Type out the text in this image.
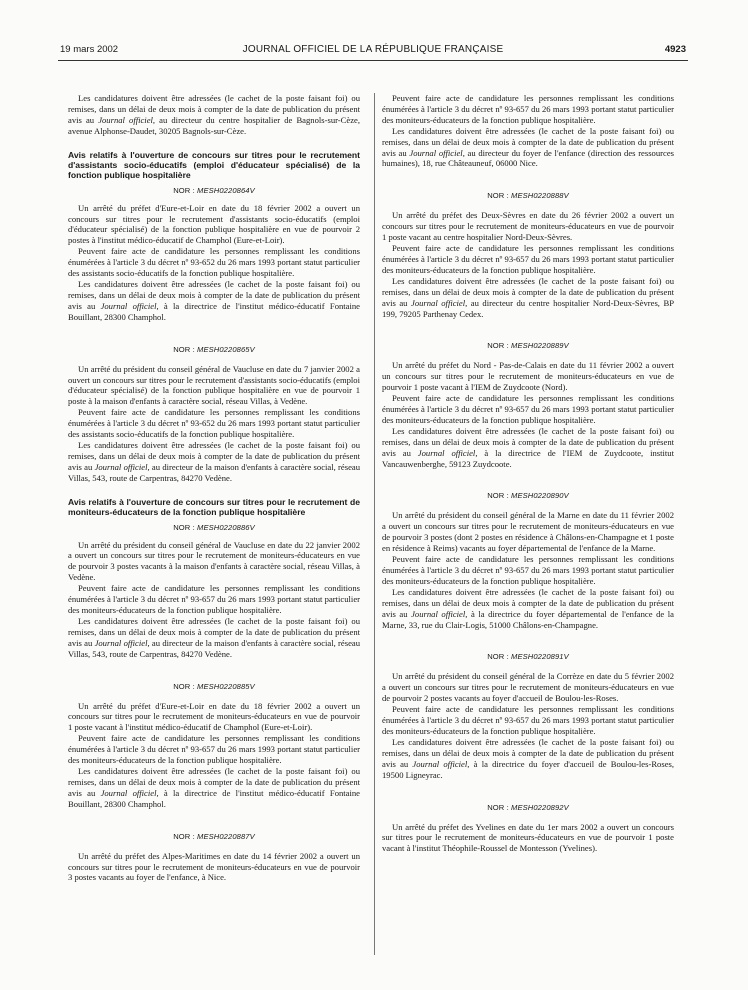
19 mars 2002	JOURNAL OFFICIEL DE LA RÉPUBLIQUE FRANÇAISE	4923

Les candidatures doivent être adressées (le cachet de la poste faisant foi) ou remises, dans un délai de deux mois à compter de la date de publication du présent avis au Journal officiel, au directeur du centre hospitalier de Bagnols-sur-Cèze, avenue Alphonse-Daudet, 30205 Bagnols-sur-Cèze.

Avis relatifs à l'ouverture de concours sur titres pour le recrutement d'assistants socio-éducatifs (emploi d'éducateur spécialisé) de la fonction publique hospitalière
NOR : MESH0220864V

Un arrêté du préfet d'Eure-et-Loir en date du 18 février 2002 a ouvert un concours sur titres pour le recrutement d'assistants socio-éducatifs (emploi d'éducateur spécialisé) de la fonction publique hospitalière en vue de pourvoir 2 postes à l'institut médico-éducatif de Champhol (Eure-et-Loir).

Peuvent faire acte de candidature les personnes remplissant les conditions énumérées à l'article 3 du décret nº 93-652 du 26 mars 1993 portant statut particulier des assistants socio-éducatifs de la fonction publique hospitalière.

Les candidatures doivent être adressées (le cachet de la poste faisant foi) ou remises, dans un délai de deux mois à compter de la date de publication du présent avis au Journal officiel, à la directrice de l'institut médico-éducatif Fontaine Bouillant, 28300 Champhol.

NOR : MESH0220865V

Un arrêté du président du conseil général de Vaucluse en date du 7 janvier 2002 a ouvert un concours sur titres pour le recrutement d'assistants socio-éducatifs (emploi d'éducateur spécialisé) de la fonction publique hospitalière en vue de pourvoir 1 poste à la maison d'enfants à caractère social, réseau Villas, à Vedène.

Peuvent faire acte de candidature les personnes remplissant les conditions énumérées à l'article 3 du décret nº 93-652 du 26 mars 1993 portant statut particulier des assistants socio-éducatifs de la fonction publique hospitalière.

Les candidatures doivent être adressées (le cachet de la poste faisant foi) ou remises, dans un délai de deux mois à compter de la date de publication du présent avis au Journal officiel, au directeur de la maison d'enfants à caractère social, réseau Villas, 543, route de Carpentras, 84270 Vedène.

Avis relatifs à l'ouverture de concours sur titres pour le recrutement de moniteurs-éducateurs de la fonction publique hospitalière
NOR : MESH0220886V

Un arrêté du président du conseil général de Vaucluse en date du 22 janvier 2002 a ouvert un concours sur titres pour le recrutement de moniteurs-éducateurs en vue de pourvoir 3 postes vacants à la maison d'enfants à caractère social, réseau Villas, à Vedène.

Peuvent faire acte de candidature les personnes remplissant les conditions énumérées à l'article 3 du décret nº 93-657 du 26 mars 1993 portant statut particulier des moniteurs-éducateurs de la fonction publique hospitalière.

Les candidatures doivent être adressées (le cachet de la poste faisant foi) ou remises, dans un délai de deux mois à compter de la date de publication du présent avis au Journal officiel, au directeur de la maison d'enfants à caractère social, réseau Villas, 543, route de Carpentras, 84270 Vedène.

NOR : MESH0220885V

Un arrêté du préfet d'Eure-et-Loir en date du 18 février 2002 a ouvert un concours sur titres pour le recrutement de moniteurs-éducateurs en vue de pourvoir 1 poste vacant à l'institut médico-éducatif de Champhol (Eure-et-Loir).

Peuvent faire acte de candidature les personnes remplissant les conditions énumérées à l'article 3 du décret nº 93-657 du 26 mars 1993 portant statut particulier des moniteurs-éducateurs de la fonction publique hospitalière.

Les candidatures doivent être adressées (le cachet de la poste faisant foi) ou remises, dans un délai de deux mois à compter de la date de publication du présent avis au Journal officiel, à la directrice de l'institut médico-éducatif Fontaine Bouillant, 28300 Champhol.

NOR : MESH0220887V

Un arrêté du préfet des Alpes-Maritimes en date du 14 février 2002 a ouvert un concours sur titres pour le recrutement de moniteurs-éducateurs en vue de pourvoir 3 postes vacants au foyer de l'enfance, à Nice.

Peuvent faire acte de candidature les personnes remplissant les conditions énumérées à l'article 3 du décret nº 93-657 du 26 mars 1993 portant statut particulier des moniteurs-éducateurs de la fonction publique hospitalière.

Les candidatures doivent être adressées (le cachet de la poste faisant foi) ou remises, dans un délai de deux mois à compter de la date de publication du présent avis au Journal officiel, au directeur du foyer de l'enfance (direction des ressources humaines), 18, rue Châteauneuf, 06000 Nice.

NOR : MESH0220888V

Un arrêté du préfet des Deux-Sèvres en date du 26 février 2002 a ouvert un concours sur titres pour le recrutement de moniteurs-éducateurs en vue de pourvoir 1 poste vacant au centre hospitalier Nord-Deux-Sèvres.

Peuvent faire acte de candidature les personnes remplissant les conditions énumérées à l'article 3 du décret nº 93-657 du 26 mars 1993 portant statut particulier des moniteurs-éducateurs de la fonction publique hospitalière.

Les candidatures doivent être adressées (le cachet de la poste faisant foi) ou remises, dans un délai de deux mois à compter de la date de publication du présent avis au Journal officiel, au directeur du centre hospitalier Nord-Deux-Sèvres, BP 199, 79205 Parthenay Cedex.

NOR : MESH0220889V

Un arrêté du préfet du Nord - Pas-de-Calais en date du 11 février 2002 a ouvert un concours sur titres pour le recrutement de moniteurs-éducateurs en vue de pourvoir 1 poste vacant à l'IEM de Zuydcoote (Nord).

Peuvent faire acte de candidature les personnes remplissant les conditions énumérées à l'article 3 du décret nº 93-657 du 26 mars 1993 portant statut particulier des moniteurs-éducateurs de la fonction publique hospitalière.

Les candidatures doivent être adressées (le cachet de la poste faisant foi) ou remises, dans un délai de deux mois à compter de la date de publication du présent avis au Journal officiel, à la directrice de l'IEM de Zuydcoote, institut Vancauwenberghe, 59123 Zuydcoote.

NOR : MESH0220890V

Un arrêté du président du conseil général de la Marne en date du 11 février 2002 a ouvert un concours sur titres pour le recrutement de moniteurs-éducateurs en vue de pourvoir 3 postes (dont 2 postes en résidence à Châlons-en-Champagne et 1 poste en résidence à Reims) vacants au foyer départemental de l'enfance de la Marne.

Peuvent faire acte de candidature les personnes remplissant les conditions énumérées à l'article 3 du décret nº 93-657 du 26 mars 1993 portant statut particulier des moniteurs-éducateurs de la fonction publique hospitalière.

Les candidatures doivent être adressées (le cachet de la poste faisant foi) ou remises, dans un délai de deux mois à compter de la date de publication du présent avis au Journal officiel, à la directrice du foyer départemental de l'enfance de la Marne, 33, rue du Clair-Logis, 51000 Châlons-en-Champagne.

NOR : MESH0220891V

Un arrêté du président du conseil général de la Corrèze en date du 5 février 2002 a ouvert un concours sur titres pour le recrutement de moniteurs-éducateurs en vue de pourvoir 2 postes vacants au foyer d'accueil de Boulou-les-Roses.

Peuvent faire acte de candidature les personnes remplissant les conditions énumérées à l'article 3 du décret nº 93-657 du 26 mars 1993 portant statut particulier des moniteurs-éducateurs de la fonction publique hospitalière.

Les candidatures doivent être adressées (le cachet de la poste faisant foi) ou remises, dans un délai de deux mois à compter de la date de publication du présent avis au Journal officiel, à la directrice du foyer d'accueil de Boulou-les-Roses, 19500 Ligneyrac.

NOR : MESH0220892V

Un arrêté du préfet des Yvelines en date du 1er mars 2002 a ouvert un concours sur titres pour le recrutement de moniteurs-éducateurs en vue de pourvoir 1 poste vacant à l'institut Théophile-Roussel de Montesson (Yvelines).
